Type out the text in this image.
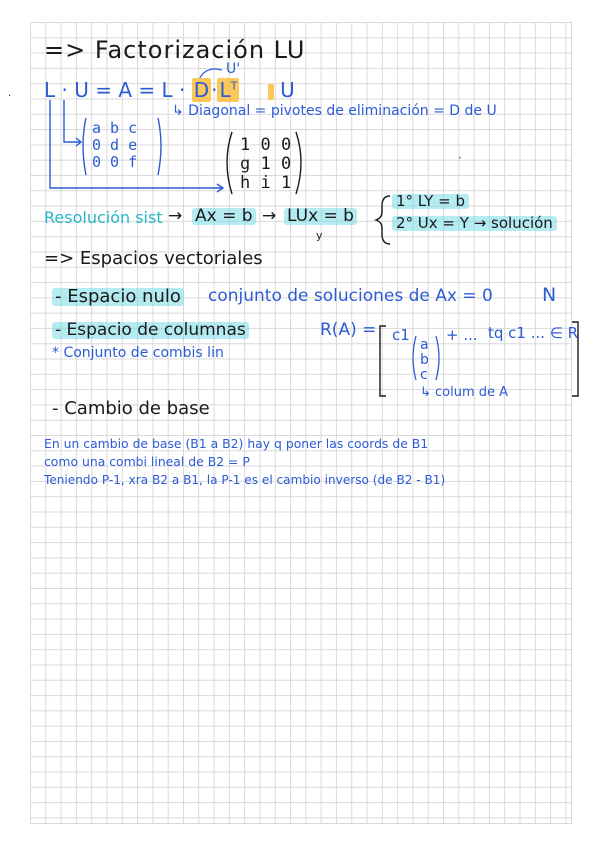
=> Factorización LU
$L \cdot U = A = L \cdot D \cdot L^T$ U
U'
↳ Diagonal = pivotes de eliminación = D de U
a b c
0 d e
0 0 f
1 0 0
g 1 0
h i 1
Resolución sist → Ax = b → LUx = b
y
1° LY = b
2° Ux = Y → solución
=> Espacios vectoriales
- Espacio nulo conjunto de soluciones de Ax = 0	N
- Espacio de columnas
* Conjunto de combis lin
R(A) = c1
a
b
c
+ ... tq c1 ... ∈ R
↳ colum de A
- Cambio de base
En un cambio de base (B1 a B2) hay q poner las coords de B1
como una combi lineal de B2 = P
Teniendo P-1, xra B2 a B1, la P-1 es el cambio inverso (de B2 - B1)
·
·
